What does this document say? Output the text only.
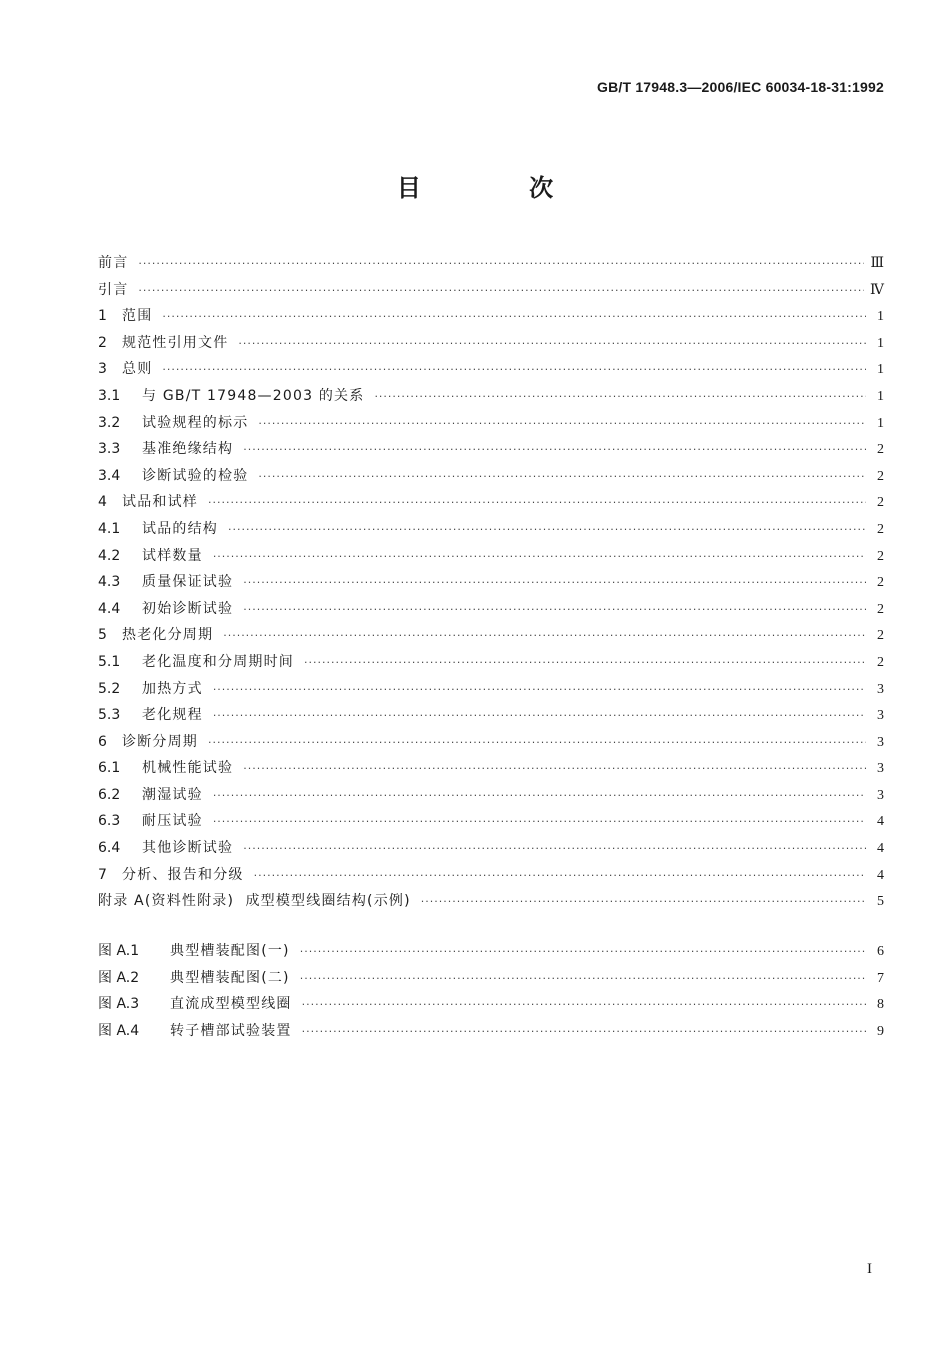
GB/T 17948.3—2006/IEC 60034-18-31:1992
目 次
前言 ·····	Ⅲ
引言 ·····	Ⅳ
1	范围 ·····	1
2	规范性引用文件 ·····	1
3	总则 ·····	1
3.1	与 GB/T 17948—2003 的关系 ·····	1
3.2	试验规程的标示 ·····	1
3.3	基准绝缘结构 ·····	2
3.4	诊断试验的检验 ·····	2
4	试品和试样 ·····	2
4.1	试品的结构 ·····	2
4.2	试样数量 ·····	2
4.3	质量保证试验 ·····	2
4.4	初始诊断试验 ·····	2
5	热老化分周期 ·····	2
5.1	老化温度和分周期时间 ·····	2
5.2	加热方式 ·····	3
5.3	老化规程 ·····	3
6	诊断分周期 ·····	3
6.1	机械性能试验 ·····	3
6.2	潮湿试验 ·····	3
6.3	耐压试验 ·····	4
6.4	其他诊断试验 ·····	4
7	分析、报告和分级 ·····	4
附录 A(资料性附录)  成型模型线圈结构(示例) ·····	5
图 A.1	典型槽装配图(一) ·····	6
图 A.2	典型槽装配图(二) ·····	7
图 A.3	直流成型模型线圈 ·····	8
图 A.4	转子槽部试验装置 ·····	9
I
